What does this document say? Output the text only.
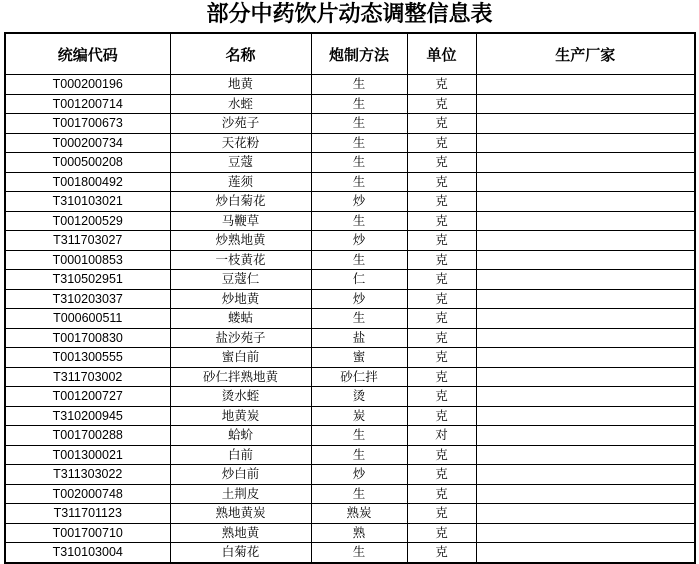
部分中药饮片动态调整信息表
统编代码	名称	炮制方法	单位	生产厂家
T000200196	地黄	生	克	
T001200714	水蛭	生	克	
T001700673	沙苑子	生	克	
T000200734	天花粉	生	克	
T000500208	豆蔻	生	克	
T001800492	莲须	生	克	
T310103021	炒白菊花	炒	克	
T001200529	马鞭草	生	克	
T311703027	炒熟地黄	炒	克	
T000100853	一枝黄花	生	克	
T310502951	豆蔻仁	仁	克	
T310203037	炒地黄	炒	克	
T000600511	蝼蛄	生	克	
T001700830	盐沙苑子	盐	克	
T001300555	蜜白前	蜜	克	
T311703002	砂仁拌熟地黄	砂仁拌	克	
T001200727	烫水蛭	烫	克	
T310200945	地黄炭	炭	克	
T001700288	蛤蚧	生	对	
T001300021	白前	生	克	
T311303022	炒白前	炒	克	
T002000748	土荆皮	生	克	
T311701123	熟地黄炭	熟炭	克	
T001700710	熟地黄	熟	克	
T310103004	白菊花	生	克	
